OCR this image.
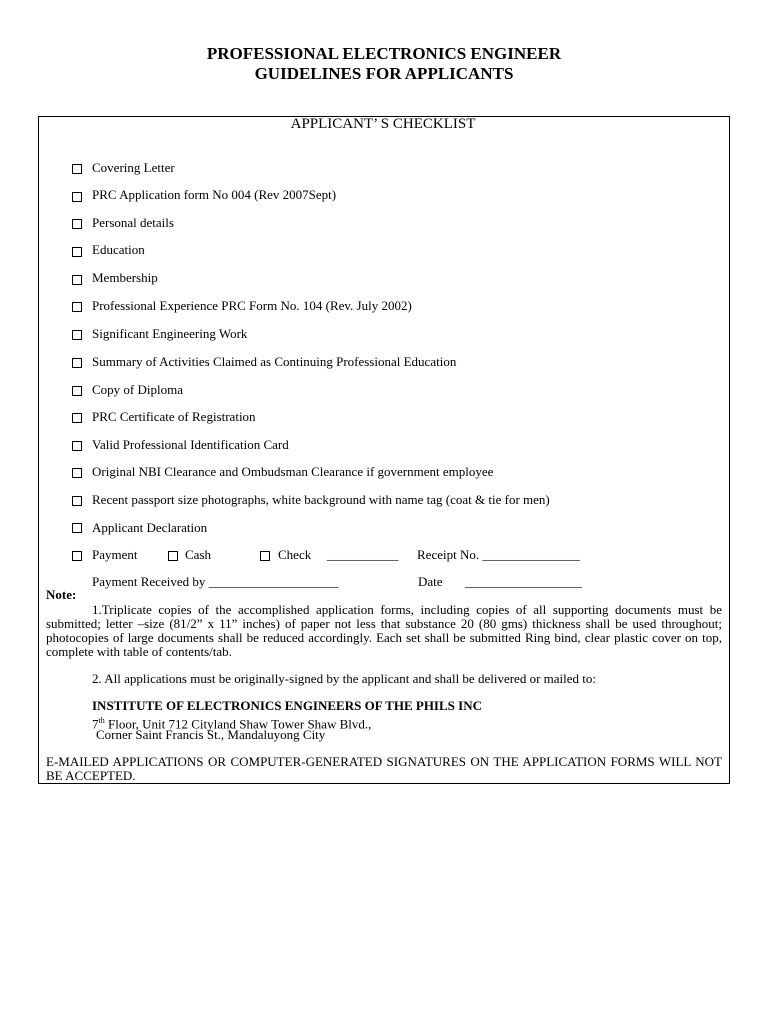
PROFESSIONAL ELECTRONICS ENGINEER
GUIDELINES FOR APPLICANTS
APPLICANT’ S CHECKLIST
Covering Letter
PRC Application form No 004 (Rev 2007Sept)
Personal details
Education
Membership
Professional Experience PRC Form No. 104 (Rev. July 2002)
Significant Engineering Work
Summary of Activities Claimed as Continuing Professional Education
Copy of Diploma
PRC Certificate of Registration
Valid Professional Identification Card
Original NBI Clearance and Ombudsman Clearance if government employee
Recent passport size photographs, white background with name tag (coat & tie for men)
Applicant Declaration
Payment	Cash	Check ___________ Receipt No. _______________
Payment Received by ____________________	Date __________________
Note:
1.Triplicate copies of the accomplished application forms, including copies of all supporting documents must be submitted; letter –size (81/2” x 11” inches) of paper not less that substance 20 (80 gms) thickness shall be used throughout; photocopies of large documents shall be reduced accordingly. Each set shall be submitted Ring bind, clear plastic cover on top, complete with table of contents/tab.
2. All applications must be originally-signed by the applicant and shall be delivered or mailed to:
INSTITUTE OF ELECTRONICS ENGINEERS OF THE PHILS INC
7th Floor, Unit 712 Cityland Shaw Tower Shaw Blvd.,
Corner Saint Francis St., Mandaluyong City
E-MAILED APPLICATIONS OR COMPUTER-GENERATED SIGNATURES ON THE APPLICATION FORMS WILL NOT BE ACCEPTED.
